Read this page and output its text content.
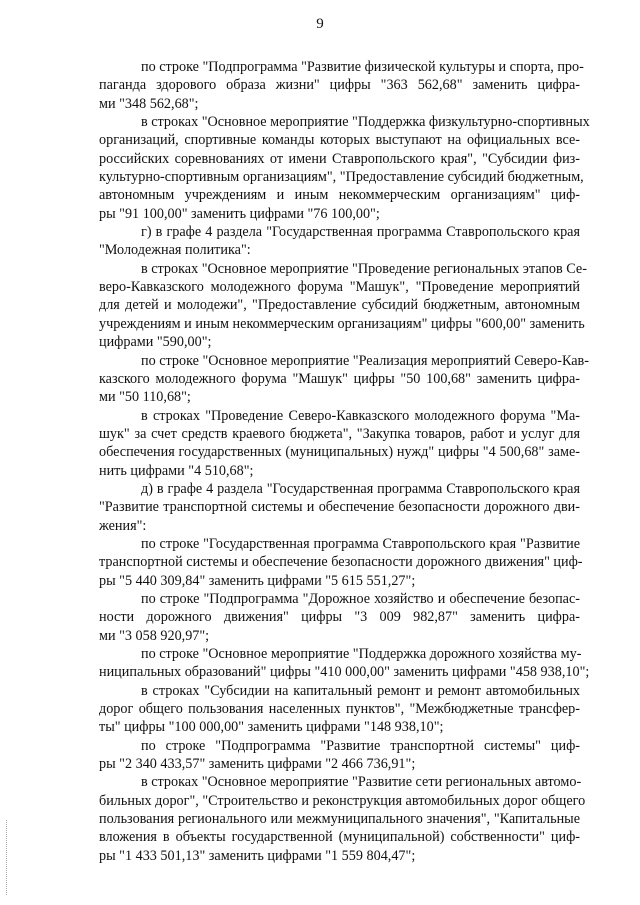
9
по строке "Подпрограмма "Развитие физической культуры и спорта, про-
паганда здорового образа жизни" цифры "363 562,68" заменить цифра-
ми "348 562,68";
в строках "Основное мероприятие "Поддержка физкультурно-спортивных
организаций, спортивные команды которых выступают на официальных все-
российских соревнованиях от имени Ставропольского края", "Субсидии физ-
культурно-спортивным организациям", "Предоставление субсидий бюджетным,
автономным учреждениям и иным некоммерческим организациям" циф-
ры "91 100,00" заменить цифрами "76 100,00";
г) в графе 4 раздела "Государственная программа Ставропольского края
"Молодежная политика":
в строках "Основное мероприятие "Проведение региональных этапов Се-
веро-Кавказского молодежного форума "Машук", "Проведение мероприятий
для детей и молодежи", "Предоставление субсидий бюджетным, автономным
учреждениям и иным некоммерческим организациям" цифры "600,00" заменить
цифрами "590,00";
по строке "Основное мероприятие "Реализация мероприятий Северо-Кав-
казского молодежного форума "Машук" цифры "50 100,68" заменить цифра-
ми "50 110,68";
в строках "Проведение Северо-Кавказского молодежного форума "Ма-
шук" за счет средств краевого бюджета", "Закупка товаров, работ и услуг для
обеспечения государственных (муниципальных) нужд" цифры "4 500,68" заме-
нить цифрами "4 510,68";
д) в графе 4 раздела "Государственная программа Ставропольского края
"Развитие транспортной системы и обеспечение безопасности дорожного дви-
жения":
по строке "Государственная программа Ставропольского края "Развитие
транспортной системы и обеспечение безопасности дорожного движения" циф-
ры "5 440 309,84" заменить цифрами "5 615 551,27";
по строке "Подпрограмма "Дорожное хозяйство и обеспечение безопас-
ности дорожного движения" цифры "3 009 982,87" заменить цифра-
ми "3 058 920,97";
по строке "Основное мероприятие "Поддержка дорожного хозяйства му-
ниципальных образований" цифры "410 000,00" заменить цифрами "458 938,10";
в строках "Субсидии на капитальный ремонт и ремонт автомобильных
дорог общего пользования населенных пунктов", "Межбюджетные трансфер-
ты" цифры "100 000,00" заменить цифрами "148 938,10";
по строке "Подпрограмма "Развитие транспортной системы" циф-
ры "2 340 433,57" заменить цифрами "2 466 736,91";
в строках "Основное мероприятие "Развитие сети региональных автомо-
бильных дорог", "Строительство и реконструкция автомобильных дорог общего
пользования регионального или межмуниципального значения", "Капитальные
вложения в объекты государственной (муниципальной) собственности" циф-
ры "1 433 501,13" заменить цифрами "1 559 804,47";
